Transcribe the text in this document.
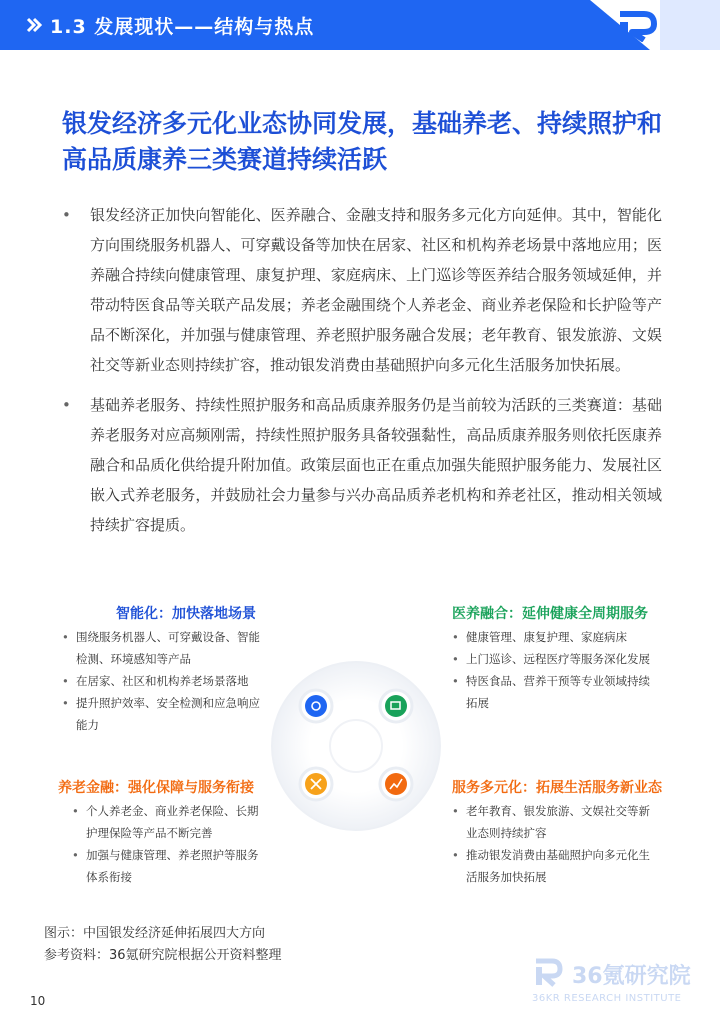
1.3 发展现状——结构与热点
银发经济多元化业态协同发展，基础养老、持续照护和高品质康养三类赛道持续活跃
• 银发经济正加快向智能化、医养融合、金融支持和服务多元化方向延伸。其中，智能化方向围绕服务机器人、可穿戴设备等加快在居家、社区和机构养老场景中落地应用；医养融合持续向健康管理、康复护理、家庭病床、上门巡诊等医养结合服务领域延伸，并带动特医食品等关联产品发展；养老金融围绕个人养老金、商业养老保险和长护险等产品不断深化，并加强与健康管理、养老照护服务融合发展；老年教育、银发旅游、文娱社交等新业态则持续扩容，推动银发消费由基础照护向多元化生活服务加快拓展。
• 基础养老服务、持续性照护服务和高品质康养服务仍是当前较为活跃的三类赛道：基础养老服务对应高频刚需，持续性照护服务具备较强黏性，高品质康养服务则依托医康养融合和品质化供给提升附加值。政策层面也正在重点加强失能照护服务能力、发展社区嵌入式养老服务，并鼓励社会力量参与兴办高品质养老机构和养老社区，推动相关领域持续扩容提质。
智能化：加快落地场景
• 围绕服务机器人、可穿戴设备、智能检测、环境感知等产品
• 在居家、社区和机构养老场景落地
• 提升照护效率、安全检测和应急响应能力
医养融合：延伸健康全周期服务
• 健康管理、康复护理、家庭病床
• 上门巡诊、远程医疗等服务深化发展
• 特医食品、营养干预等专业领域持续拓展
养老金融：强化保障与服务衔接
• 个人养老金、商业养老保险、长期护理保险等产品不断完善
• 加强与健康管理、养老照护等服务体系衔接
服务多元化：拓展生活服务新业态
• 老年教育、银发旅游、文娱社交等新业态则持续扩容
• 推动银发消费由基础照护向多元化生活服务加快拓展
图示：中国银发经济延伸拓展四大方向
参考资料：36氪研究院根据公开资料整理
36氪研究院
36KR RESEARCH INSTITUTE
10
